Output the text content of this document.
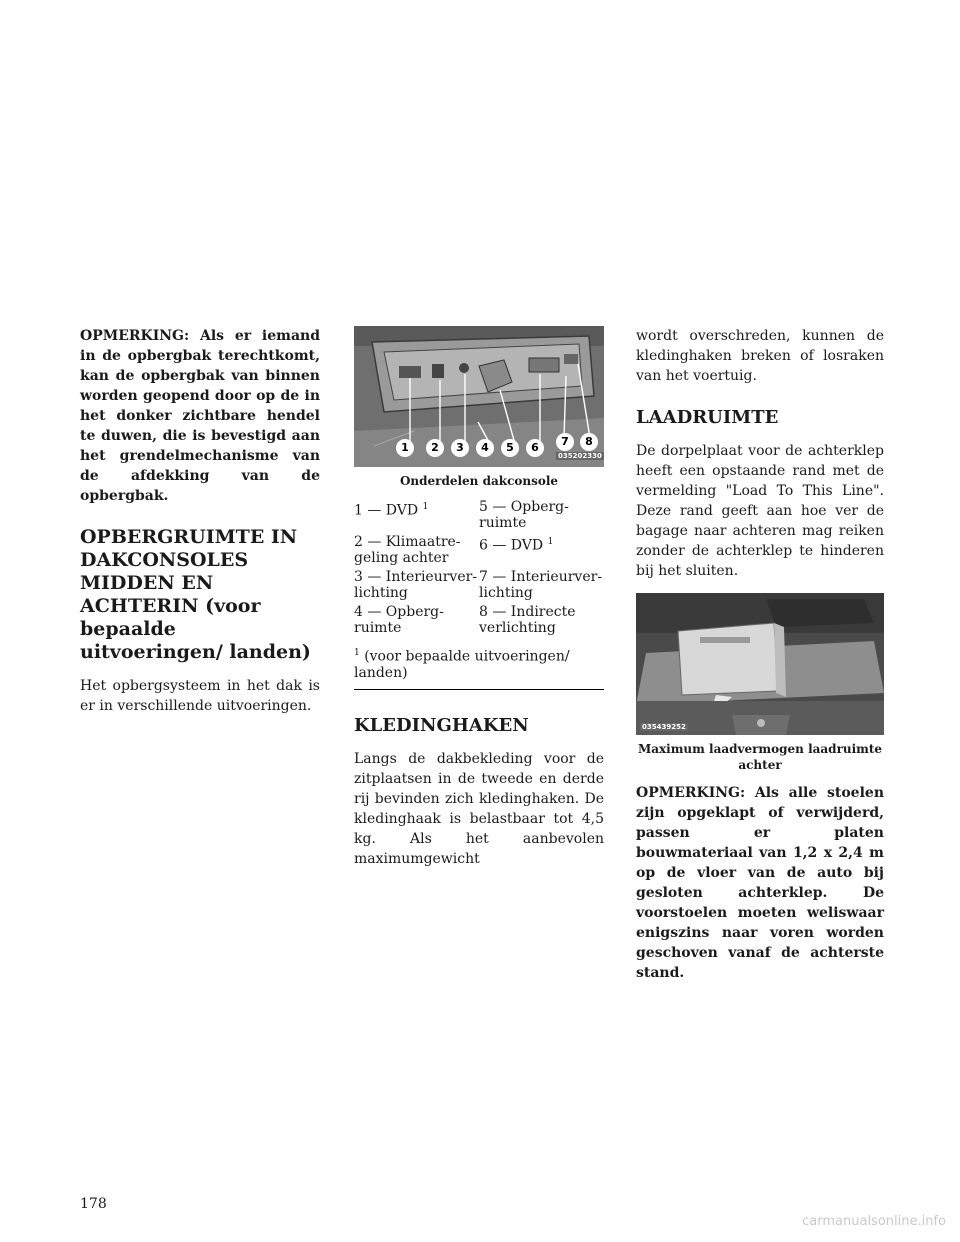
OPMERKING: Als er iemand in de opbergbak terechtkomt, kan de opbergbak van binnen worden geopend door op de in het donker zichtbare hendel te duwen, die is bevestigd aan het grendelmechanisme van de afdekking van de opbergbak.

OPBERGRUIMTE IN DAKCONSOLES MIDDEN EN ACHTERIN (voor bepaalde uitvoeringen/ landen)

Het opbergsysteem in het dak is er in verschillende uitvoeringen.

1	2	3	4	5	6	7	8
035202330
Onderdelen dakconsole
1 — DVD $^1$	5 — Opberg- ruimte
2 — Klimaatre- geling achter	6 — DVD $^1$
3 — Interieurver- lichting	7 — Interieurver- lichting
4 — Opberg- ruimte	8 — Indirecte verlichting

$^1$ (voor bepaalde uitvoeringen/ landen)

KLEDINGHAKEN

Langs de dakbekleding voor de zitplaatsen in de tweede en derde rij bevinden zich kledinghaken. De kledinghaak is belastbaar tot 4,5 kg. Als het aanbevolen maximumgewicht

wordt overschreden, kunnen de kledinghaken breken of losraken van het voertuig.

LAADRUIMTE

De dorpelplaat voor de achterklep heeft een opstaande rand met de vermelding "Load To This Line". Deze rand geeft aan hoe ver de bagage naar achteren mag reiken zonder de achterklep te hinderen bij het sluiten.

035439252
Maximum laadvermogen laadruimte achter

OPMERKING: Als alle stoelen zijn opgeklapt of verwijderd, passen er platen bouwmateriaal van 1,2 x 2,4 m op de vloer van de auto bij gesloten achterklep. De voorstoelen moeten weliswaar enigszins naar voren worden geschoven vanaf de achterste stand.

178
carmanualsonline.info
